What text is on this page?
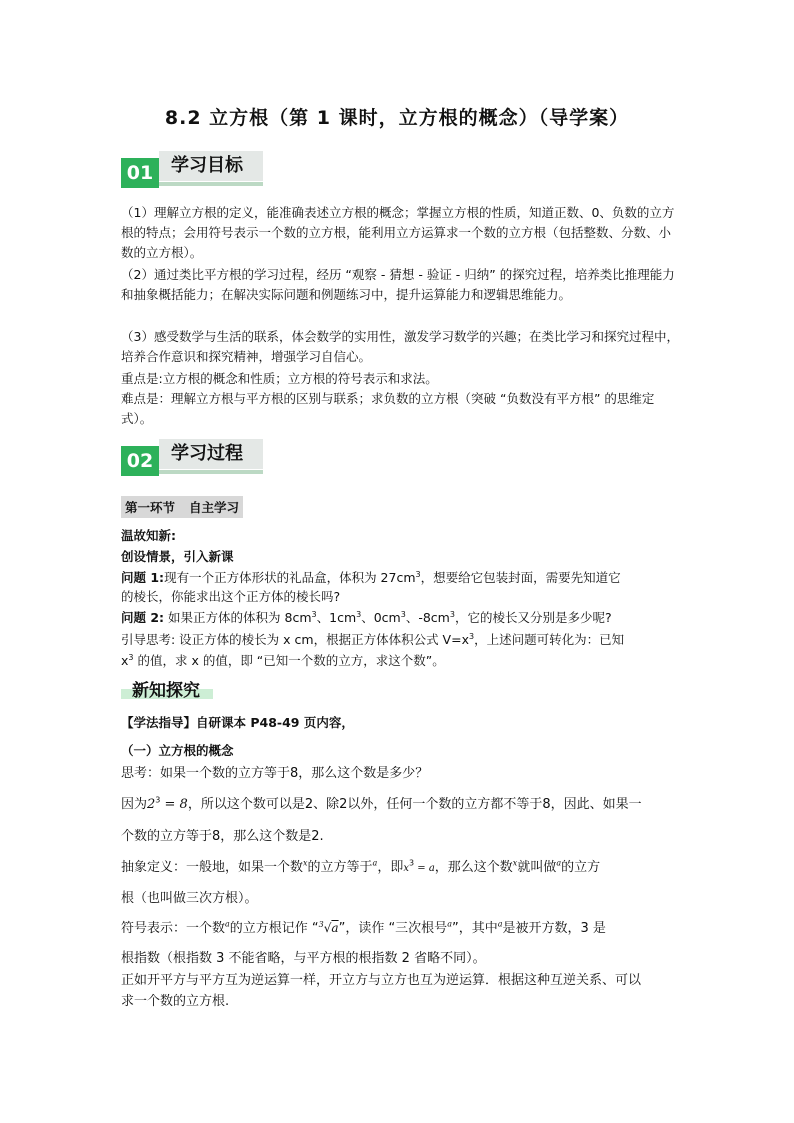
8.2 立方根（第 1 课时，立方根的概念）（导学案）
01 学习目标
（1）理解立方根的定义，能准确表述立方根的概念；掌握立方根的性质，知道正数、0、负数的立方根的特点；会用符号表示一个数的立方根，能利用立方运算求一个数的立方根（包括整数、分数、小数的立方根）。
（2）通过类比平方根的学习过程，经历 “观察 - 猜想 - 验证 - 归纳” 的探究过程，培养类比推理能力和抽象概括能力；在解决实际问题和例题练习中，提升运算能力和逻辑思维能力。
（3）感受数学与生活的联系，体会数学的实用性，激发学习数学的兴趣；在类比学习和探究过程中，培养合作意识和探究精神，增强学习自信心。
重点是:立方根的概念和性质；立方根的符号表示和求法。
难点是：理解立方根与平方根的区别与联系；求负数的立方根（突破 “负数没有平方根” 的思维定式）。
02 学习过程
第一环节 自主学习
温故知新:
创设情景，引入新课
问题 1:现有一个正方体形状的礼品盒，体积为 $27cm^3$，想要给它包装封面，需要先知道它
的棱长，你能求出这个正方体的棱长吗?
问题 2: 如果正方体的体积为 $8cm^3$、$1cm^3$、$0cm^3$、$-8cm^3$，它的棱长又分别是多少呢?
引导思考: 设正方体的棱长为 x cm，根据正方体体积公式 $V=x^3$，上述问题可转化为：已知
$x^3$ 的值，求 x 的值，即 “已知一个数的立方，求这个数”。
新知探究
【学法指导】自研课本 P48-49 页内容，
（一）立方根的概念
思考：如果一个数的立方等于8，那么这个数是多少？
因为$2^3 = 8$，所以这个数可以是2、除2以外，任何一个数的立方都不等于8，因此、如果一
个数的立方等于8，那么这个数是2.
抽象定义：一般地，如果一个数$^x$的立方等于$^a$，即$x^3 = a$，那么这个数$^x$就叫做$^a$的立方
根（也叫做三次方根）。
符号表示：一个数$^a$的立方根记作 “$^3$√a”，读作 “三次根号$^a$”，其中$^a$是被开方数，3 是
根指数（根指数 3 不能省略，与平方根的根指数 2 省略不同）。
正如开平方与平方互为逆运算一样，开立方与立方也互为逆运算．根据这种互逆关系、可以
求一个数的立方根.
